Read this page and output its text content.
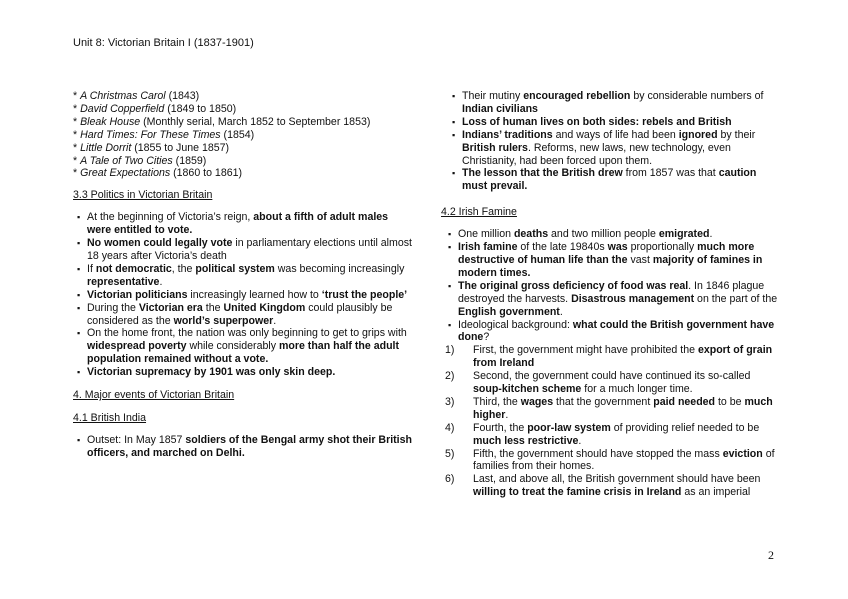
Unit 8: Victorian Britain I (1837-1901)
* A Christmas Carol (1843)
* David Copperfield (1849 to 1850)
* Bleak House (Monthly serial, March 1852 to September 1853)
* Hard Times: For These Times (1854)
* Little Dorrit (1855 to June 1857)
* A Tale of Two Cities (1859)
* Great Expectations (1860 to 1861)
3.3 Politics in Victorian Britain
▪ At the beginning of Victoria’s reign, about a fifth of adult males were entitled to vote.
▪ No women could legally vote in parliamentary elections until almost 18 years after Victoria’s death
▪ If not democratic, the political system was becoming increasingly representative.
▪ Victorian politicians increasingly learned how to ‘trust the people’
▪ During the Victorian era the United Kingdom could plausibly be considered as the world’s superpower.
▪ On the home front, the nation was only beginning to get to grips with widespread poverty while considerably more than half the adult population remained without a vote.
▪ Victorian supremacy by 1901 was only skin deep.
4. Major events of Victorian Britain
4.1 British India
▪ Outset: In May 1857 soldiers of the Bengal army shot their British officers, and marched on Delhi.
▪ Their mutiny encouraged rebellion by considerable numbers of Indian civilians
▪ Loss of human lives on both sides: rebels and British
▪ Indians’ traditions and ways of life had been ignored by their British rulers. Reforms, new laws, new technology, even Christianity, had been forced upon them.
▪ The lesson that the British drew from 1857 was that caution must prevail.
4.2 Irish Famine
▪ One million deaths and two million people emigrated.
▪ Irish famine of the late 19840s was proportionally much more destructive of human life than the vast majority of famines in modern times.
▪ The original gross deficiency of food was real. In 1846 plague destroyed the harvests. Disastrous management on the part of the English government.
▪ Ideological background: what could the British government have done?
1) First, the government might have prohibited the export of grain from Ireland
2) Second, the government could have continued its so-called soup-kitchen scheme for a much longer time.
3) Third, the wages that the government paid needed to be much higher.
4) Fourth, the poor-law system of providing relief needed to be much less restrictive.
5) Fifth, the government should have stopped the mass eviction of families from their homes.
6) Last, and above all, the British government should have been willing to treat the famine crisis in Ireland as an imperial
2
